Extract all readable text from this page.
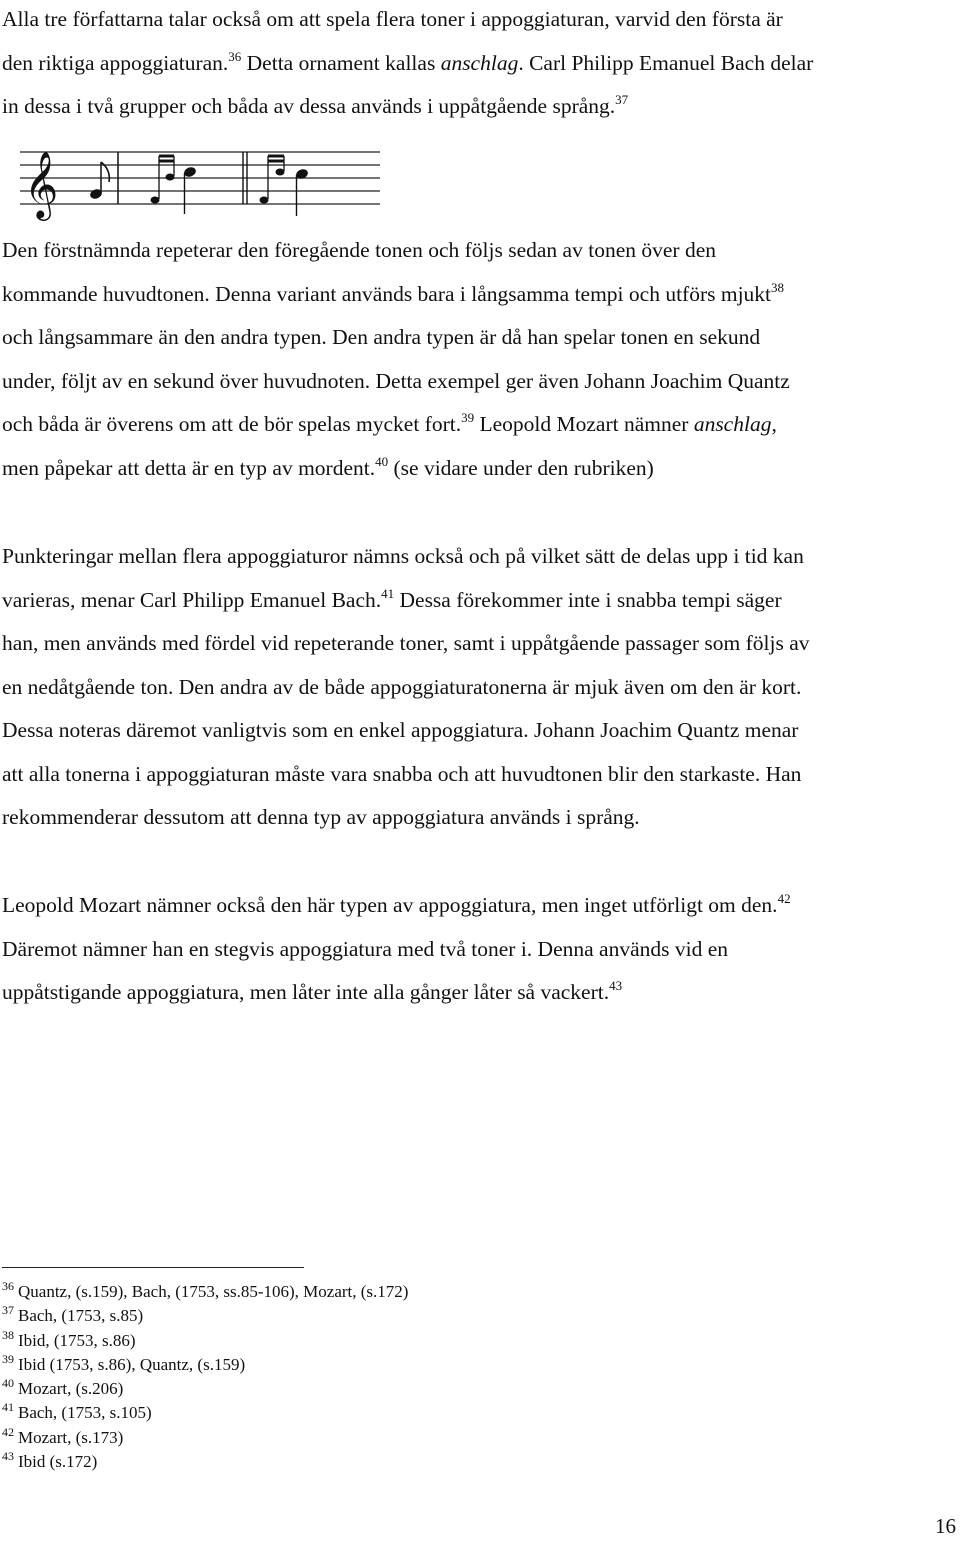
Alla tre författarna talar också om att spela flera toner i appoggiaturan, varvid den första är
den riktiga appoggiaturan.$^{36}$ Detta ornament kallas anschlag. Carl Philipp Emanuel Bach delar
in dessa i två grupper och båda av dessa används i uppåtgående språng.$^{37}$
𝄞
Den förstnämnda repeterar den föregående tonen och följs sedan av tonen över den
kommande huvudtonen. Denna variant används bara i långsamma tempi och utförs mjukt$^{38}$
och långsammare än den andra typen. Den andra typen är då han spelar tonen en sekund
under, följt av en sekund över huvudnoten. Detta exempel ger även Johann Joachim Quantz
och båda är överens om att de bör spelas mycket fort.$^{39}$ Leopold Mozart nämner anschlag,
men påpekar att detta är en typ av mordent.$^{40}$ (se vidare under den rubriken)
Punkteringar mellan flera appoggiaturor nämns också och på vilket sätt de delas upp i tid kan
varieras, menar Carl Philipp Emanuel Bach.$^{41}$ Dessa förekommer inte i snabba tempi säger
han, men används med fördel vid repeterande toner, samt i uppåtgående passager som följs av
en nedåtgående ton. Den andra av de både appoggiaturatonerna är mjuk även om den är kort.
Dessa noteras däremot vanligtvis som en enkel appoggiatura. Johann Joachim Quantz menar
att alla tonerna i appoggiaturan måste vara snabba och att huvudtonen blir den starkaste. Han
rekommenderar dessutom att denna typ av appoggiatura används i språng.
Leopold Mozart nämner också den här typen av appoggiatura, men inget utförligt om den.$^{42}$
Däremot nämner han en stegvis appoggiatura med två toner i. Denna används vid en
uppåtstigande appoggiatura, men låter inte alla gånger låter så vackert.$^{43}$
$^{36}$ Quantz, (s.159), Bach, (1753, ss.85-106), Mozart, (s.172)
$^{37}$ Bach, (1753, s.85)
$^{38}$ Ibid, (1753, s.86)
$^{39}$ Ibid (1753, s.86), Quantz, (s.159)
$^{40}$ Mozart, (s.206)
$^{41}$ Bach, (1753, s.105)
$^{42}$ Mozart, (s.173)
$^{43}$ Ibid (s.172)
16
